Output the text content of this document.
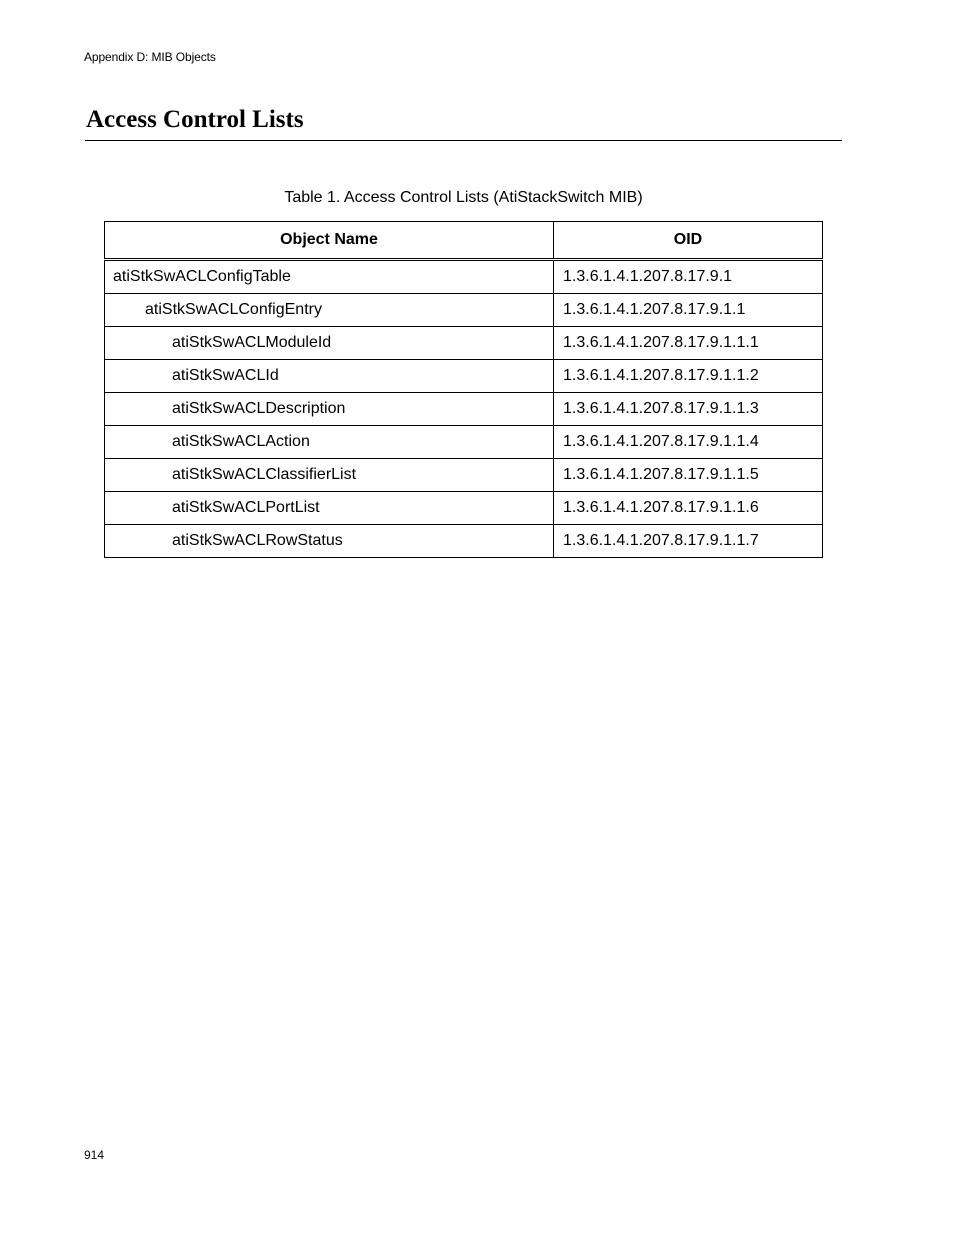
Appendix D: MIB Objects
Access Control Lists
Table 1. Access Control Lists (AtiStackSwitch MIB)
Object Name	OID
atiStkSwACLConfigTable	1.3.6.1.4.1.207.8.17.9.1
atiStkSwACLConfigEntry	1.3.6.1.4.1.207.8.17.9.1.1
atiStkSwACLModuleId	1.3.6.1.4.1.207.8.17.9.1.1.1
atiStkSwACLId	1.3.6.1.4.1.207.8.17.9.1.1.2
atiStkSwACLDescription	1.3.6.1.4.1.207.8.17.9.1.1.3
atiStkSwACLAction	1.3.6.1.4.1.207.8.17.9.1.1.4
atiStkSwACLClassifierList	1.3.6.1.4.1.207.8.17.9.1.1.5
atiStkSwACLPortList	1.3.6.1.4.1.207.8.17.9.1.1.6
atiStkSwACLRowStatus	1.3.6.1.4.1.207.8.17.9.1.1.7
914
